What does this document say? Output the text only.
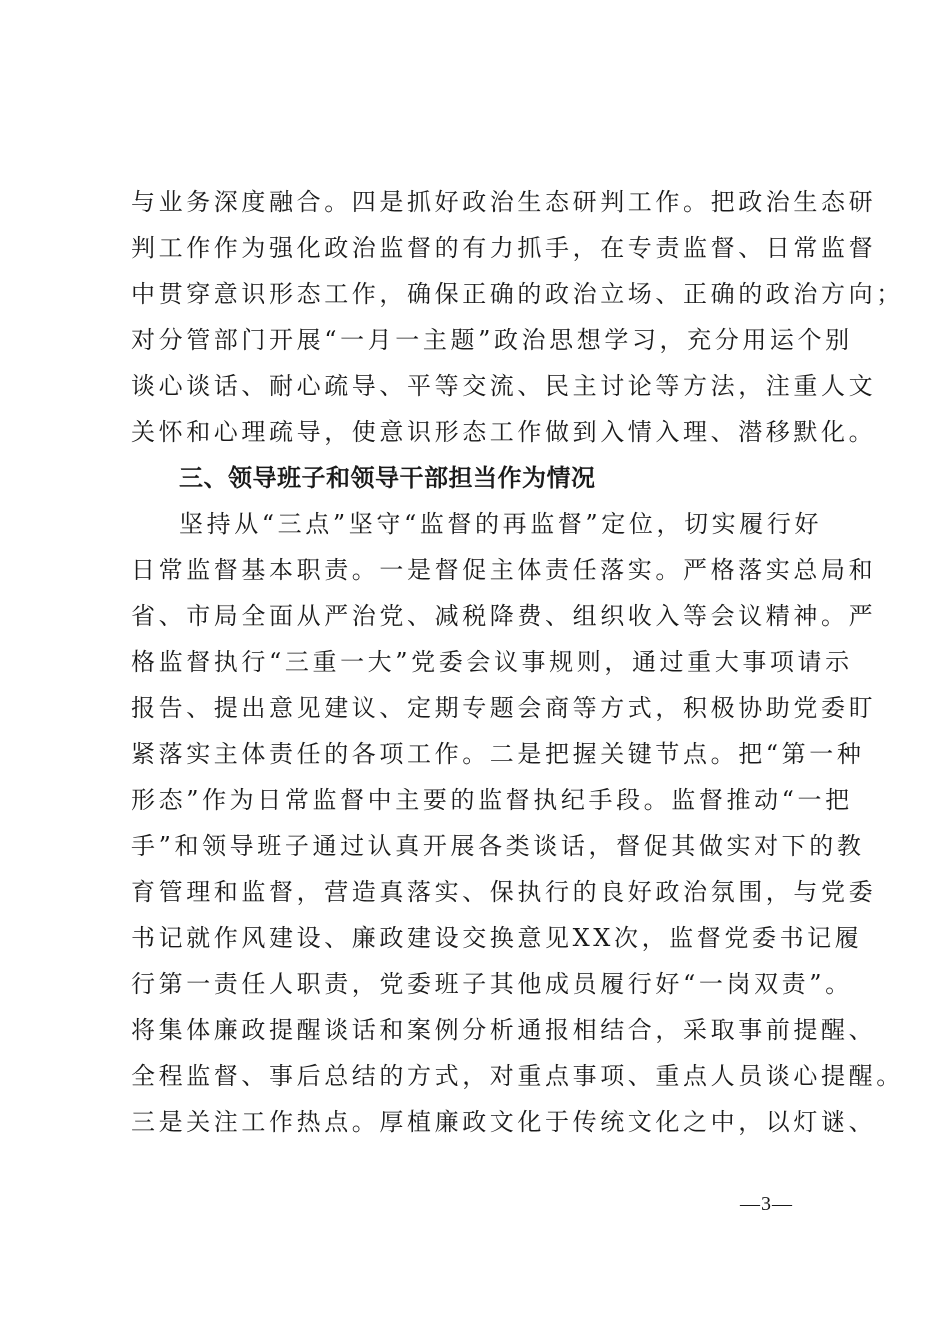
与业务深度融合。四是抓好政治生态研判工作。把政治生态研
判工作作为强化政治监督的有力抓手，在专责监督、日常监督
中贯穿意识形态工作，确保正确的政治立场、正确的政治方向；
对分管部门开展“一月一主题”政治思想学习，充分用运个别
谈心谈话、耐心疏导、平等交流、民主讨论等方法，注重人文
关怀和心理疏导，使意识形态工作做到入情入理、潜移默化。
三、领导班子和领导干部担当作为情况
坚持从“三点”坚守“监督的再监督”定位，切实履行好
日常监督基本职责。一是督促主体责任落实。严格落实总局和
省、市局全面从严治党、减税降费、组织收入等会议精神。严
格监督执行“三重一大”党委会议事规则，通过重大事项请示
报告、提出意见建议、定期专题会商等方式，积极协助党委盯
紧落实主体责任的各项工作。二是把握关键节点。把“第一种
形态”作为日常监督中主要的监督执纪手段。监督推动“一把
手”和领导班子通过认真开展各类谈话，督促其做实对下的教
育管理和监督，营造真落实、保执行的良好政治氛围，与党委
书记就作风建设、廉政建设交换意见XX次，监督党委书记履
行第一责任人职责，党委班子其他成员履行好“一岗双责”。
将集体廉政提醒谈话和案例分析通报相结合，采取事前提醒、
全程监督、事后总结的方式，对重点事项、重点人员谈心提醒。
三是关注工作热点。厚植廉政文化于传统文化之中，以灯谜、
—3—
